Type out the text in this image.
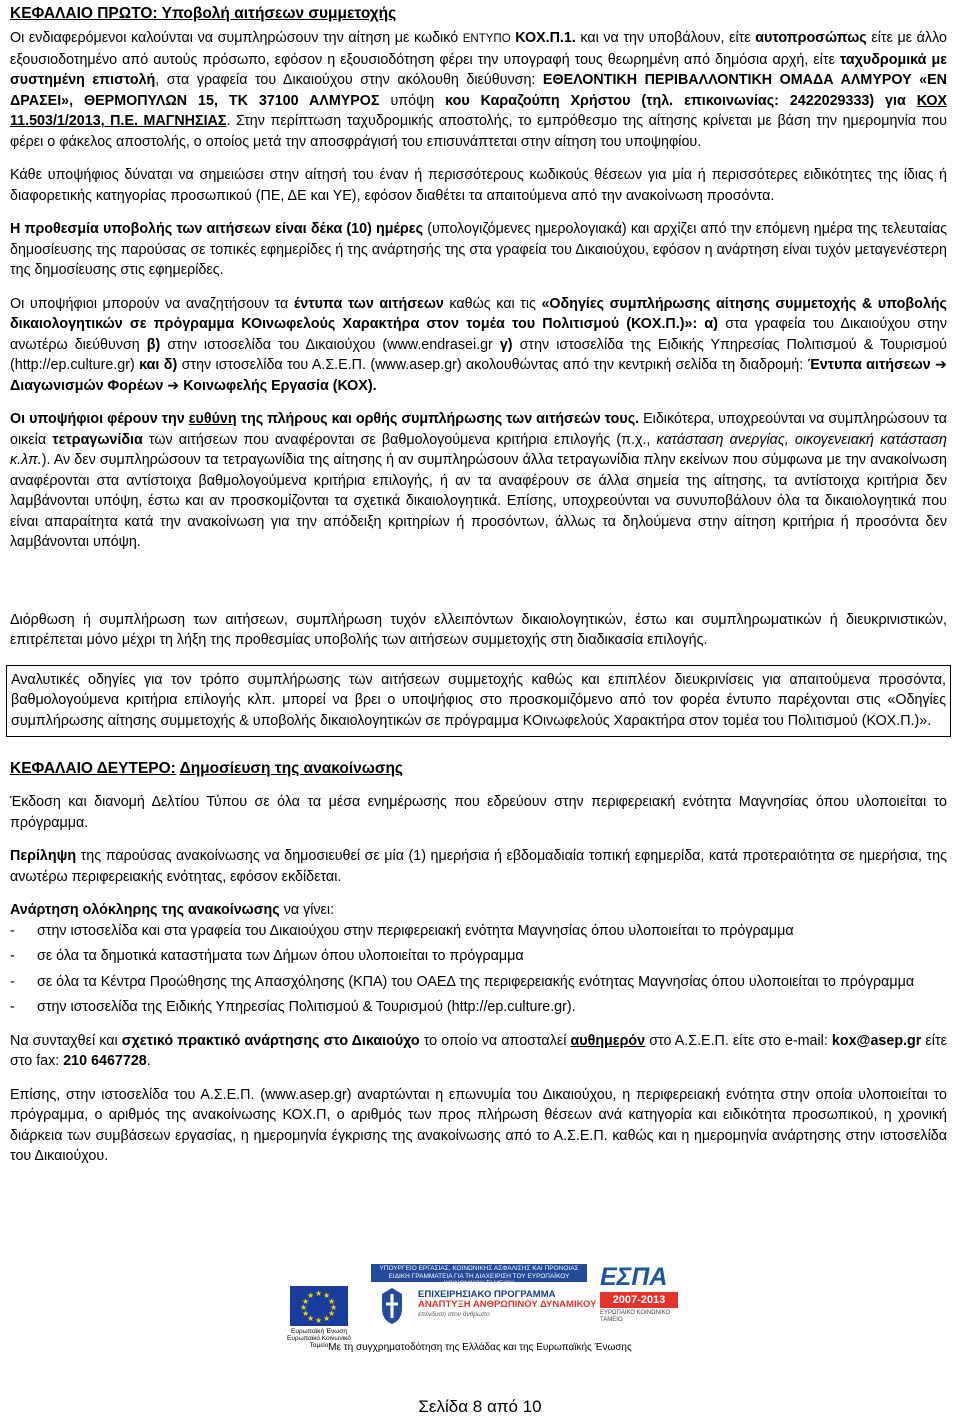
ΚΕΦΑΛΑΙΟ ΠΡΩΤΟ: Υποβολή αιτήσεων συμμετοχής

Οι ενδιαφερόμενοι καλούνται να συμπληρώσουν την αίτηση με κωδικό ΕΝΤΥΠΟ ΚΟΧ.Π.1. και να την υποβάλουν, είτε αυτοπροσώπως είτε με άλλο εξουσιοδοτημένο από αυτούς πρόσωπο, εφόσον η εξουσιοδότηση φέρει την υπογραφή τους θεωρημένη από δημόσια αρχή, είτε ταχυδρομικά με συστημένη επιστολή, στα γραφεία του Δικαιούχου στην ακόλουθη διεύθυνση: ΕΘΕΛΟΝΤΙΚΗ ΠΕΡΙΒΑΛΛΟΝΤΙΚΗ ΟΜΑΔΑ ΑΛΜΥΡΟΥ «ΕΝ ΔΡΑΣΕΙ», ΘΕΡΜΟΠΥΛΩΝ 15, ΤΚ 37100 ΑΛΜΥΡΟΣ υπόψη κου Καραζούπη Χρήστου (τηλ. επικοινωνίας: 2422029333) για ΚΟΧ 11.503/1/2013, Π.Ε. ΜΑΓΝΗΣΙΑΣ. Στην περίπτωση ταχυδρομικής αποστολής, το εμπρόθεσμο της αίτησης κρίνεται με βάση την ημερομηνία που φέρει ο φάκελος αποστολής, ο οποίος μετά την αποσφράγισή του επισυνάπτεται στην αίτηση του υποψηφίου.

Κάθε υποψήφιος δύναται να σημειώσει στην αίτησή του έναν ή περισσότερους κωδικούς θέσεων για μία ή περισσότερες ειδικότητες της ίδιας ή διαφορετικής κατηγορίας προσωπικού (ΠΕ, ΔΕ και ΥΕ), εφόσον διαθέτει τα απαιτούμενα από την ανακοίνωση προσόντα.

Η προθεσμία υποβολής των αιτήσεων είναι δέκα (10) ημέρες (υπολογιζόμενες ημερολογιακά) και αρχίζει από την επόμενη ημέρα της τελευταίας δημοσίευσης της παρούσας σε τοπικές εφημερίδες ή της ανάρτησής της στα γραφεία του Δικαιούχου, εφόσον η ανάρτηση είναι τυχόν μεταγενέστερη της δημοσίευσης στις εφημερίδες.

Οι υποψήφιοι μπορούν να αναζητήσουν τα έντυπα των αιτήσεων καθώς και τις «Οδηγίες συμπλήρωσης αίτησης συμμετοχής & υποβολής δικαιολογητικών σε πρόγραμμα ΚΟινωφελούς Χαρακτήρα στον τομέα του Πολιτισμού (ΚΟΧ.Π.)»: α) στα γραφεία του Δικαιούχου στην ανωτέρω διεύθυνση β) στην ιστοσελίδα του Δικαιούχου (www.endrasei.gr γ) στην ιστοσελίδα της Ειδικής Υπηρεσίας Πολιτισμού & Τουρισμού (http://ep.culture.gr) και δ) στην ιστοσελίδα του Α.Σ.Ε.Π. (www.asep.gr) ακολουθώντας από την κεντρική σελίδα τη διαδρομή: Έντυπα αιτήσεων ➔ Διαγωνισμών Φορέων ➔ Κοινωφελής Εργασία (ΚΟΧ).

Οι υποψήφιοι φέρουν την ευθύνη της πλήρους και ορθής συμπλήρωσης των αιτήσεών τους. Ειδικότερα, υποχρεούνται να συμπληρώσουν τα οικεία τετραγωνίδια των αιτήσεων που αναφέρονται σε βαθμολογούμενα κριτήρια επιλογής (π.χ., κατάσταση ανεργίας, οικογενειακή κατάσταση κ.λπ.). Αν δεν συμπληρώσουν τα τετραγωνίδια της αίτησης ή αν συμπληρώσουν άλλα τετραγωνίδια πλην εκείνων που σύμφωνα με την ανακοίνωση αναφέρονται στα αντίστοιχα βαθμολογούμενα κριτήρια επιλογής, ή αν τα αναφέρουν σε άλλα σημεία της αίτησης, τα αντίστοιχα κριτήρια δεν λαμβάνονται υπόψη, έστω και αν προσκομίζονται τα σχετικά δικαιολογητικά. Επίσης, υποχρεούνται να συνυποβάλουν όλα τα δικαιολογητικά που είναι απαραίτητα κατά την ανακοίνωση για την απόδειξη κριτηρίων ή προσόντων, άλλως τα δηλούμενα στην αίτηση κριτήρια ή προσόντα δεν λαμβάνονται υπόψη.

Διόρθωση ή συμπλήρωση των αιτήσεων, συμπλήρωση τυχόν ελλειπόντων δικαιολογητικών, έστω και συμπληρωματικών ή διευκρινιστικών, επιτρέπεται μόνο μέχρι τη λήξη της προθεσμίας υποβολής των αιτήσεων συμμετοχής στη διαδικασία επιλογής.

Αναλυτικές οδηγίες για τον τρόπο συμπλήρωσης των αιτήσεων συμμετοχής καθώς και επιπλέον διευκρινίσεις για απαιτούμενα προσόντα, βαθμολογούμενα κριτήρια επιλογής κλπ. μπορεί να βρει ο υποψήφιος στο προσκομιζόμενο από τον φορέα έντυπο παρέχονται στις «Οδηγίες συμπλήρωσης αίτησης συμμετοχής & υποβολής δικαιολογητικών σε πρόγραμμα ΚΟινωφελούς Χαρακτήρα στον τομέα του Πολιτισμού (ΚΟΧ.Π.)».

ΚΕΦΑΛΑΙΟ ΔΕΥΤΕΡΟ: Δημοσίευση της ανακοίνωσης

Έκδοση και διανομή Δελτίου Τύπου σε όλα τα μέσα ενημέρωσης που εδρεύουν στην περιφερειακή ενότητα Μαγνησίας όπου υλοποιείται το πρόγραμμα.

Περίληψη της παρούσας ανακοίνωσης να δημοσιευθεί σε μία (1) ημερήσια ή εβδομαδιαία τοπική εφημερίδα, κατά προτεραιότητα σε ημερήσια, της ανωτέρω περιφερειακής ενότητας, εφόσον εκδίδεται.

Ανάρτηση ολόκληρης της ανακοίνωσης να γίνει:

- στην ιστοσελίδα και στα γραφεία του Δικαιούχου στην περιφερειακή ενότητα Μαγνησίας όπου υλοποιείται το πρόγραμμα
- σε όλα τα δημοτικά καταστήματα των Δήμων όπου υλοποιείται το πρόγραμμα
- σε όλα τα Κέντρα Προώθησης της Απασχόλησης (ΚΠΑ) του ΟΑΕΔ της περιφερειακής ενότητας Μαγνησίας όπου υλοποιείται το πρόγραμμα
- στην ιστοσελίδα της Ειδικής Υπηρεσίας Πολιτισμού & Τουρισμού (http://ep.culture.gr).

Να συνταχθεί και σχετικό πρακτικό ανάρτησης στο Δικαιούχο το οποίο να αποσταλεί αυθημερόν στο Α.Σ.Ε.Π. είτε στο e-mail: kox@asep.gr είτε στο fax: 210 6467728.

Επίσης, στην ιστοσελίδα του Α.Σ.Ε.Π. (www.asep.gr) αναρτώνται η επωνυμία του Δικαιούχου, η περιφερειακή ενότητα στην οποία υλοποιείται το πρόγραμμα, ο αριθμός της ανακοίνωσης ΚΟΧ.Π, ο αριθμός των προς πλήρωση θέσεων ανά κατηγορία και ειδικότητα προσωπικού, η χρονική διάρκεια των συμβάσεων εργασίας, η ημερομηνία έγκρισης της ανακοίνωσης από το Α.Σ.Ε.Π. καθώς και η ημερομηνία ανάρτησης στην ιστοσελίδα του Δικαιούχου.

★ ★
★
★
★
★
★
★
★
★
★
★
Ευρωπαϊκή Ένωση
Ευρωπαϊκό Κοινωνικό Ταμείο
ΥΠΟΥΡΓΕΙΟ ΕΡΓΑΣΙΑΣ, ΚΟΙΝΩΝΙΚΗΣ ΑΣΦΑΛΙΣΗΣ ΚΑΙ ΠΡΟΝΟΙΑΣ
ΕΙΔΙΚΗ ΓΡΑΜΜΑΤΕΙΑ ΓΙΑ ΤΗ ΔΙΑΧΕΙΡΙΣΗ ΤΟΥ ΕΥΡΩΠΑΪΚΟΥ ΚΟΙΝΩΝΙΚΟΥ ΤΑΜΕΙΟΥ
ΕΠΙΧΕΙΡΗΣΙΑΚΟ ΠΡΟΓΡΑΜΜΑ
ΑΝΑΠΤΥΞΗ ΑΝΘΡΩΠΙΝΟΥ ΔΥΝΑΜΙΚΟΥ
επένδυση στον άνθρωπο
ΕΣΠΑ
2007-2013
ΕΥΡΩΠΑΪΚΟ ΚΟΙΝΩΝΙΚΟ ΤΑΜΕΙΟ
Με τη συγχρηματοδότηση της Ελλάδας και της Ευρωπαϊκής Ένωσης
Σελίδα 8 από 10
